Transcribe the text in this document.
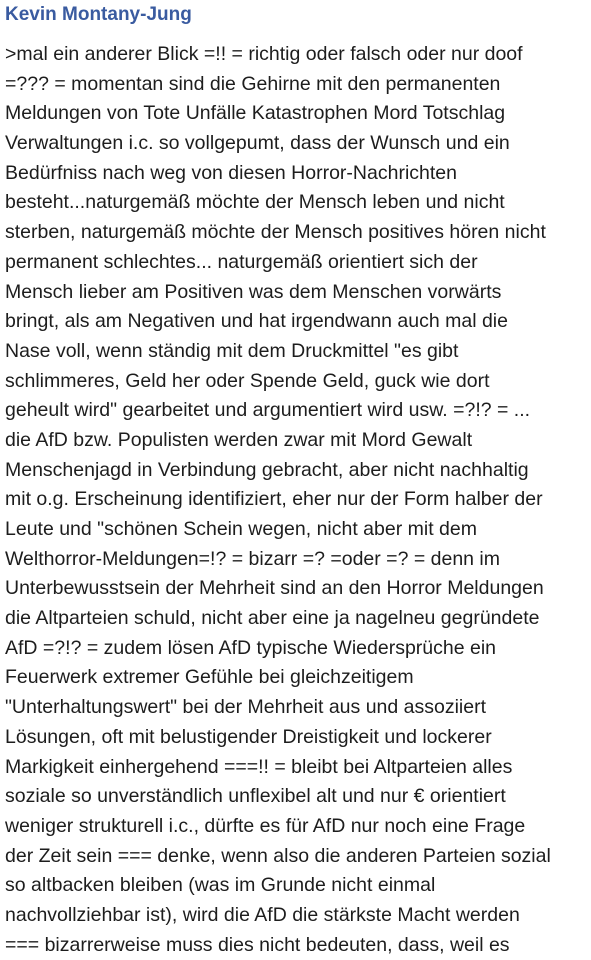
Kevin Montany-Jung
>mal ein anderer Blick =!! = richtig oder falsch oder nur doof
=??? = momentan sind die Gehirne mit den permanenten
Meldungen von Tote Unfälle Katastrophen Mord Totschlag
Verwaltungen i.c. so vollgepumt, dass der Wunsch und ein
Bedürfniss nach weg von diesen Horror-Nachrichten
besteht...naturgemäß möchte der Mensch leben und nicht
sterben, naturgemäß möchte der Mensch positives hören nicht
permanent schlechtes... naturgemäß orientiert sich der
Mensch lieber am Positiven was dem Menschen vorwärts
bringt, als am Negativen und hat irgendwann auch mal die
Nase voll, wenn ständig mit dem Druckmittel "es gibt
schlimmeres, Geld her oder Spende Geld, guck wie dort
geheult wird" gearbeitet und argumentiert wird usw. =?!? = ...
die AfD bzw. Populisten werden zwar mit Mord Gewalt
Menschenjagd in Verbindung gebracht, aber nicht nachhaltig
mit o.g. Erscheinung identifiziert, eher nur der Form halber der
Leute und "schönen Schein wegen, nicht aber mit dem
Welthorror-Meldungen=!? = bizarr =? =oder =? = denn im
Unterbewusstsein der Mehrheit sind an den Horror Meldungen
die Altparteien schuld, nicht aber eine ja nagelneu gegründete
AfD =?!? = zudem lösen AfD typische Wiedersprüche ein
Feuerwerk extremer Gefühle bei gleichzeitigem
"Unterhaltungswert" bei der Mehrheit aus und assoziiert
Lösungen, oft mit belustigender Dreistigkeit und lockerer
Markigkeit einhergehend ===!! = bleibt bei Altparteien alles
soziale so unverständlich unflexibel alt und nur € orientiert
weniger strukturell i.c., dürfte es für AfD nur noch eine Frage
der Zeit sein === denke, wenn also die anderen Parteien sozial
so altbacken bleiben (was im Grunde nicht einmal
nachvollziehbar ist), wird die AfD die stärkste Macht werden
=== bizarrerweise muss dies nicht bedeuten, dass, weil es
